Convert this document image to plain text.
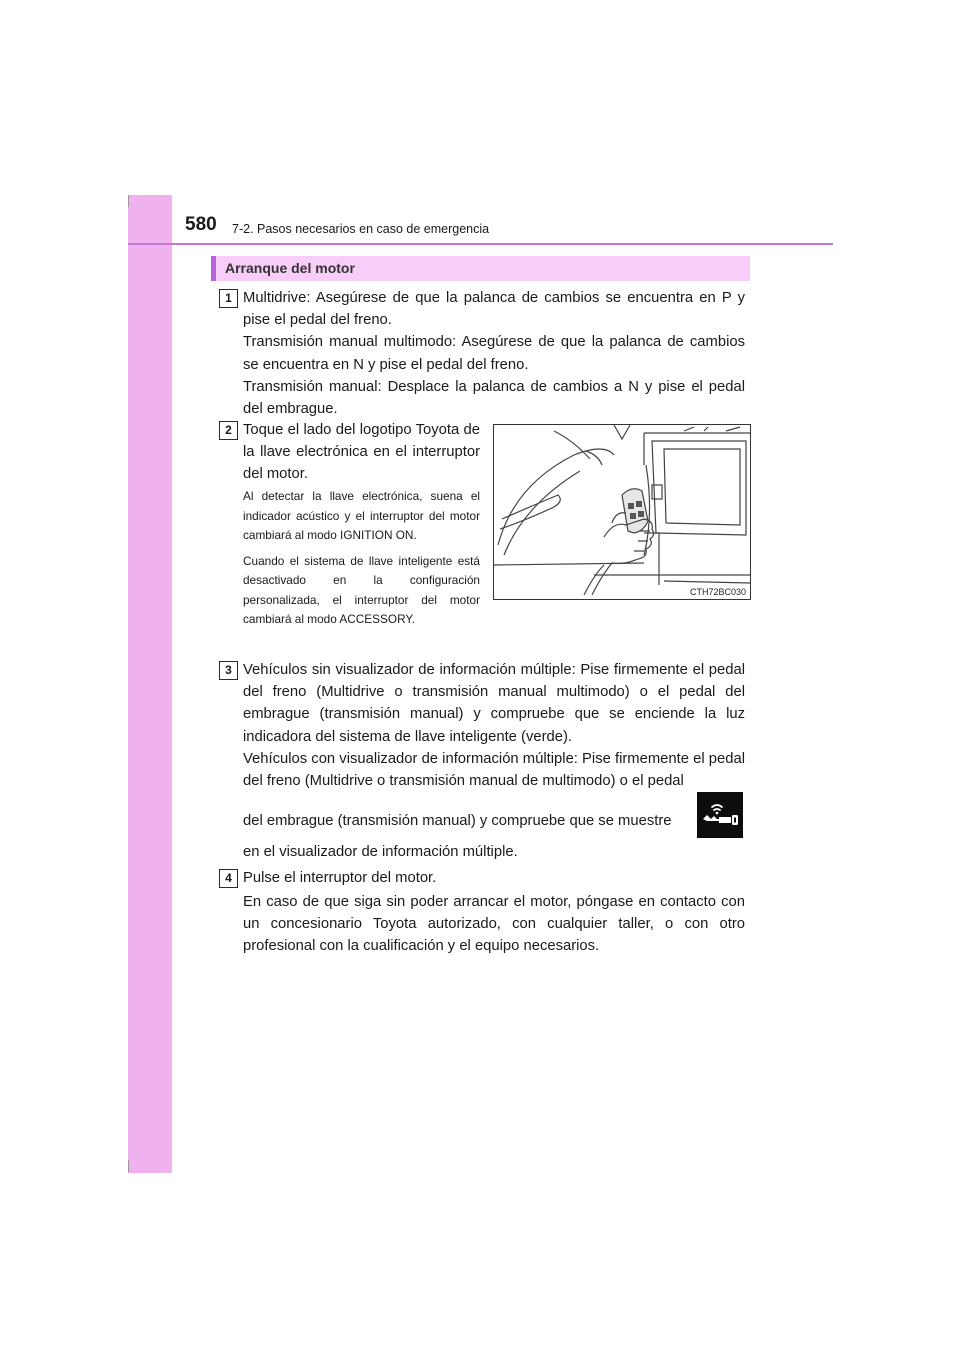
580 7-2. Pasos necesarios en caso de emergencia
Arranque del motor
1 Multidrive: Asegúrese de que la palanca de cambios se encuentra en P y pise el pedal del freno.

Transmisión manual multimodo: Asegúrese de que la palanca de cambios se encuentra en N y pise el pedal del freno.

Transmisión manual: Desplace la palanca de cambios a N y pise el pedal del embrague.

2 Toque el lado del logotipo Toyota de la llave electrónica en el interruptor del motor.

Al detectar la llave electrónica, suena el indicador acústico y el interruptor del motor cambiará al modo IGNITION ON.

Cuando el sistema de llave inteligente está desactivado en la configuración personalizada, el interruptor del motor cambiará al modo ACCESSORY.

CTH72BC030
3 Vehículos sin visualizador de información múltiple: Pise firmemente el pedal del freno (Multidrive o transmisión manual multimodo) o el pedal del embrague (transmisión manual) y compruebe que se enciende la luz indicadora del sistema de llave inteligente (verde).

Vehículos con visualizador de información múltiple: Pise firmemente el pedal del freno (Multidrive o transmisión manual de multimodo) o el pedal

del embrague (transmisión manual) y compruebe que se muestre
en el visualizador de información múltiple.
4 Pulse el interruptor del motor.
En caso de que siga sin poder arrancar el motor, póngase en contacto con un concesionario Toyota autorizado, con cualquier taller, o con otro profesional con la cualificación y el equipo necesarios.
